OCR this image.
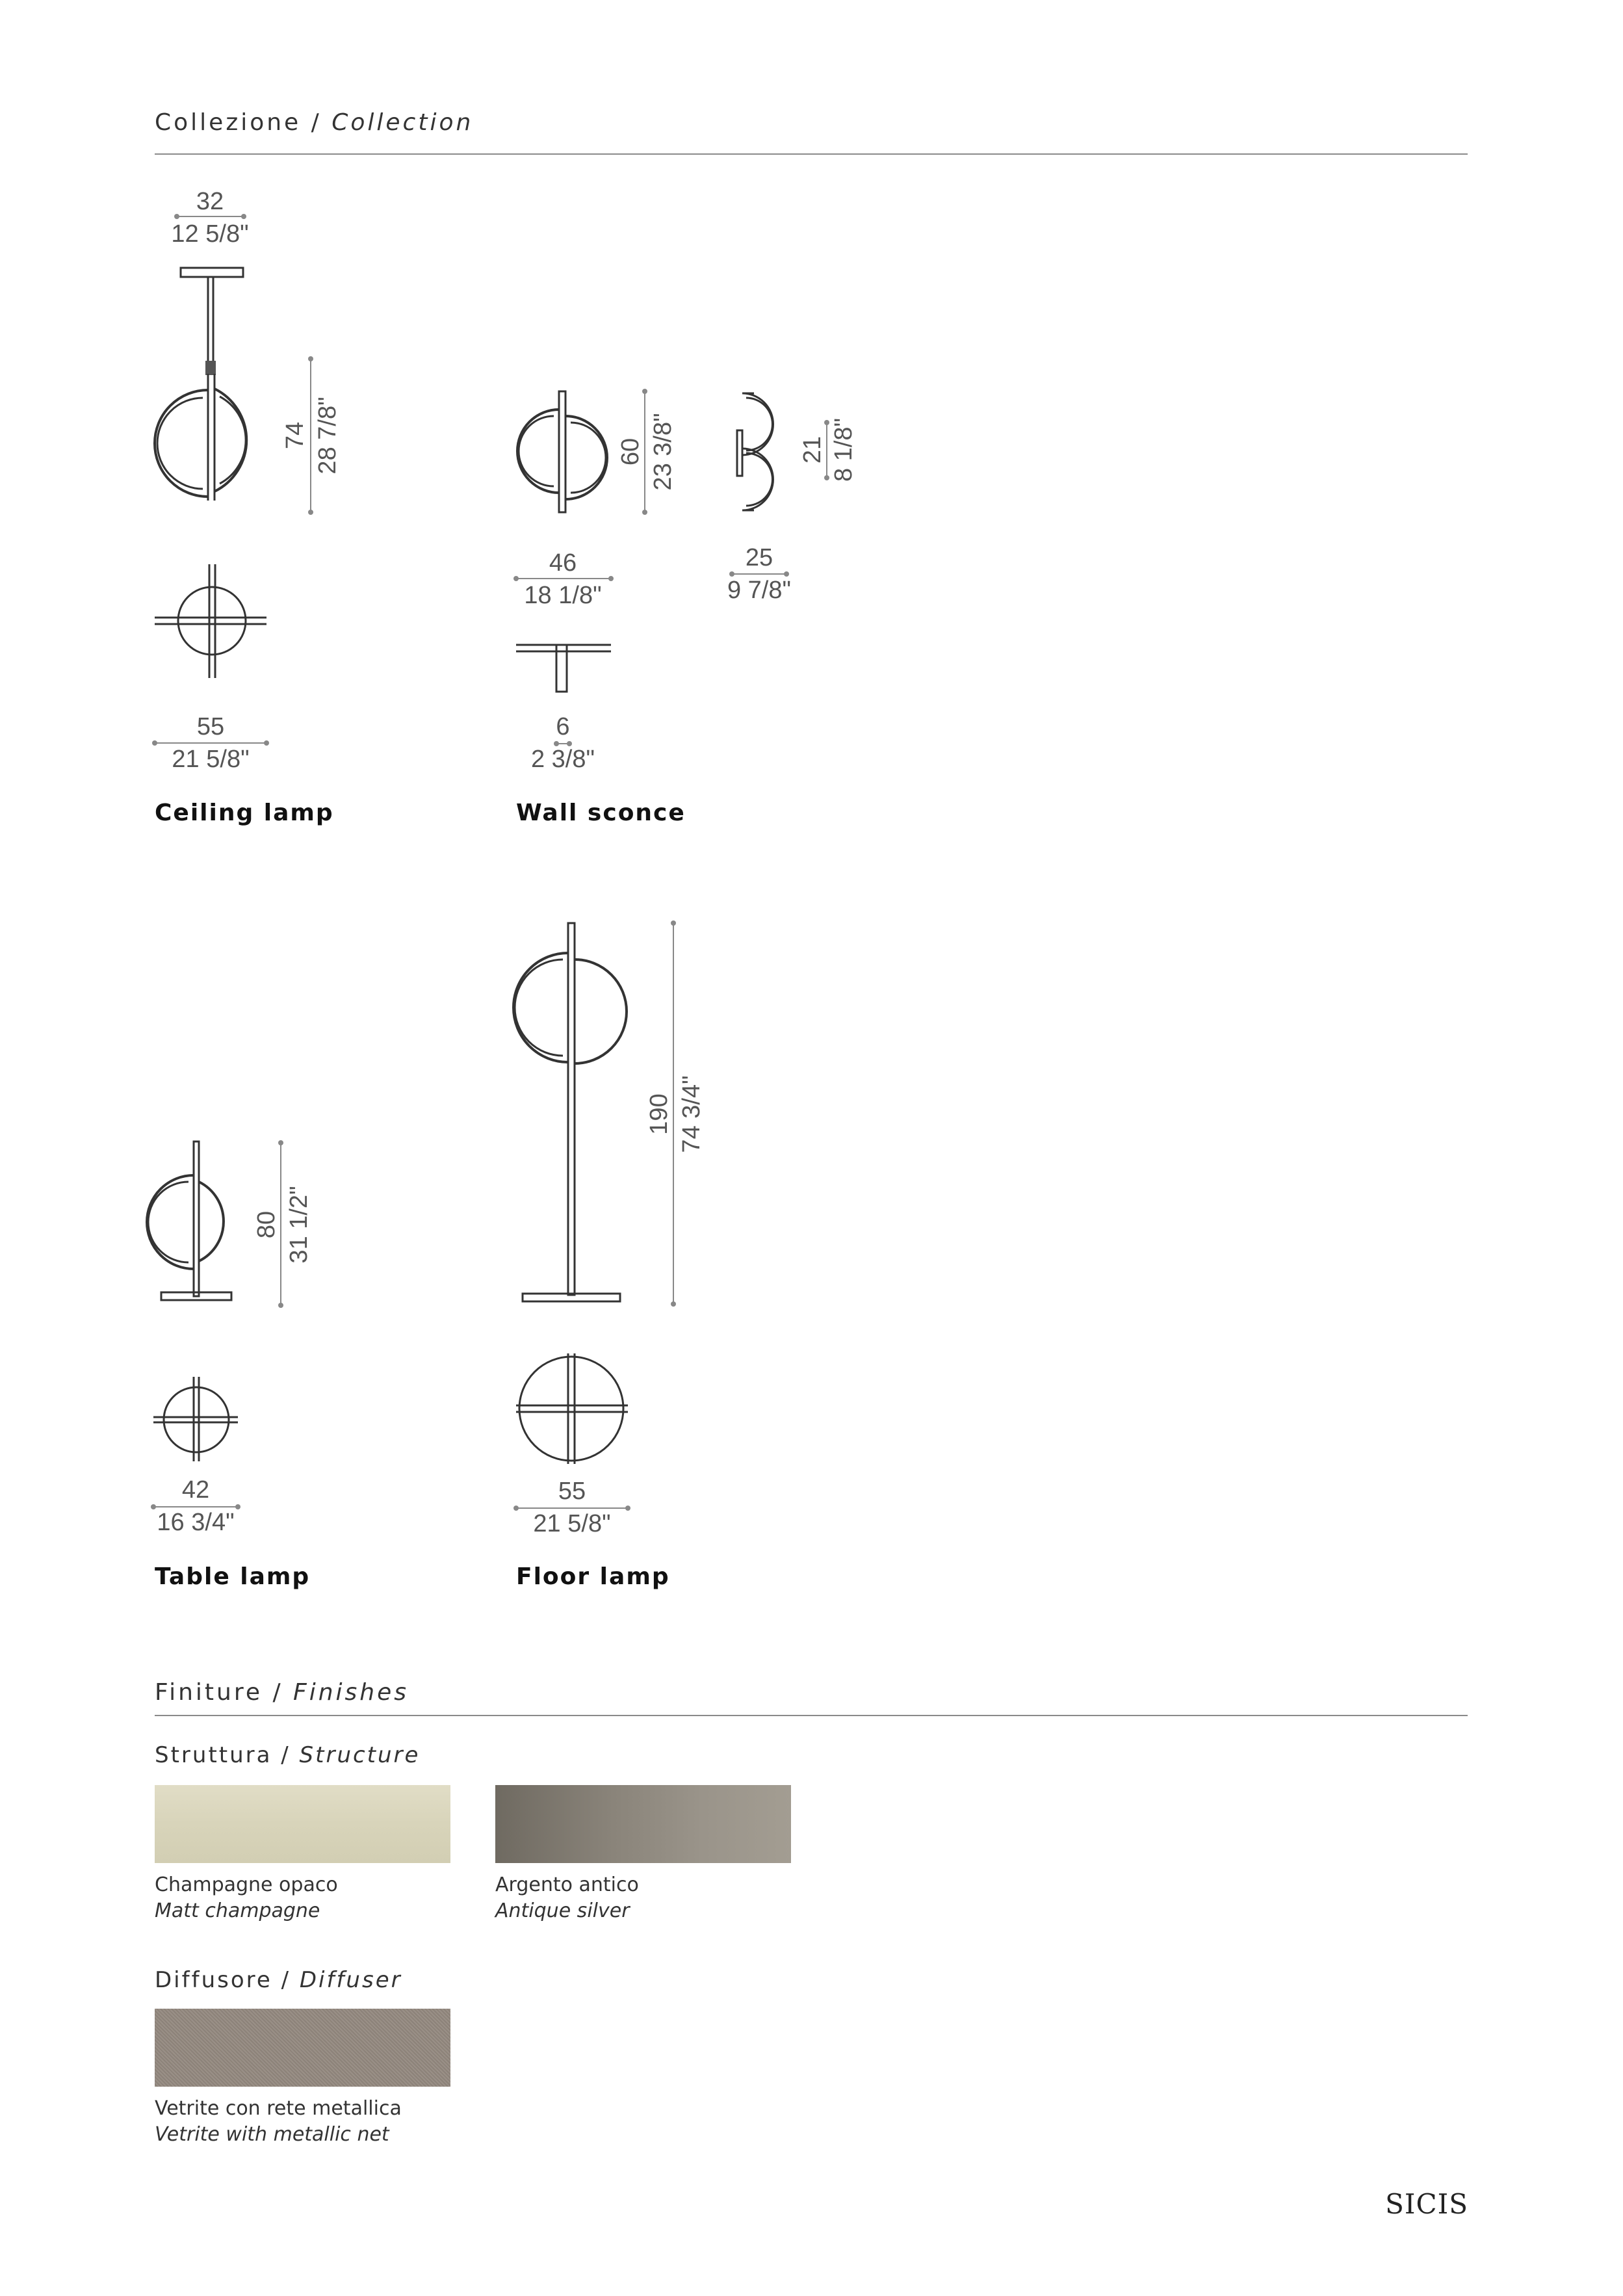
Collezione / Collection
32
12 5/8"
74 28 7/8"
55
21 5/8"
60 23 3/8"	21 8 1/8"
46
18 1/8"
25
9 7/8"
6
2 3/8"
80 31 1/2"
42
16 3/4"
190 74 3/4"
55
21 5/8"
Ceiling lamp	Wall sconce
Table lamp	Floor lamp
Finiture / Finishes
Struttura / Structure
Champagne opaco
Matt champagne
Argento antico
Antique silver
Diffusore / Diffuser
Vetrite con rete metallica
Vetrite with metallic net
SICIS
